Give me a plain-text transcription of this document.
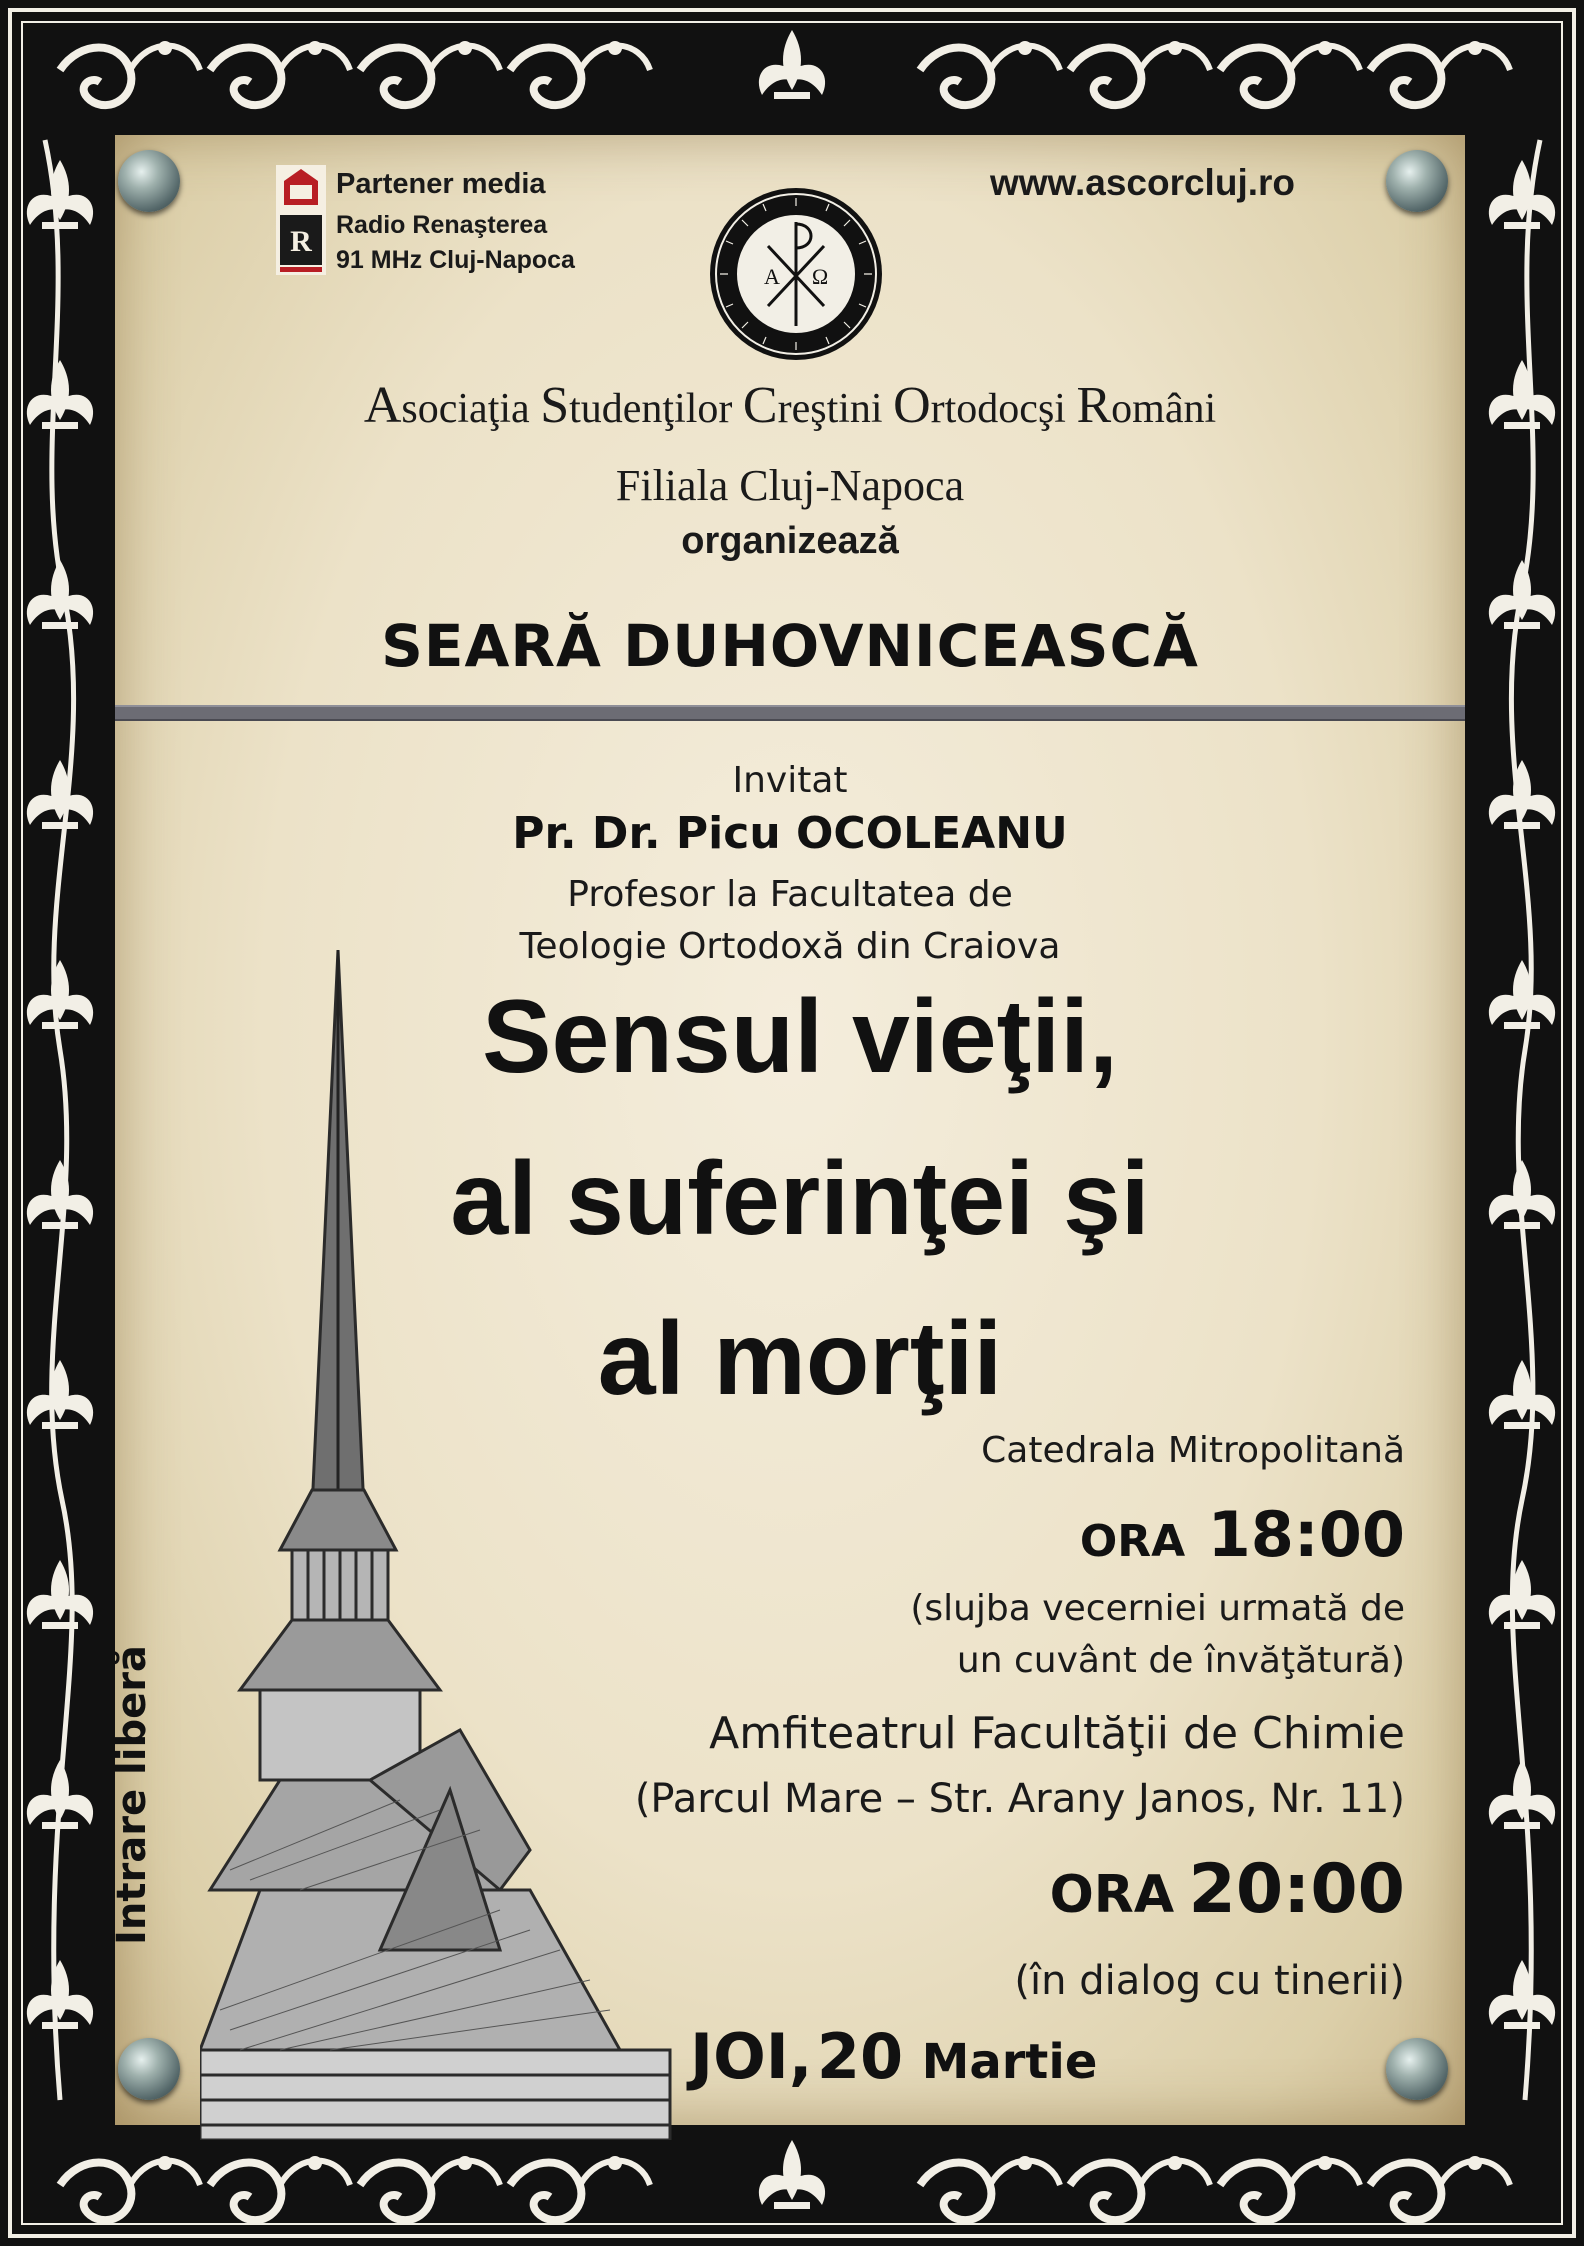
R
Partener media
Radio Renaşterea
91 MHz Cluj-Napoca
www.ascorcluj.ro
Α Ω
Asociaţia Studenţilor Creştini Ortodocşi Români
Filiala Cluj-Napoca
organizează
SEARĂ DUHOVNICEASCĂ
Invitat
Pr. Dr. Picu OCOLEANU
Profesor la Facultatea de
Teologie Ortodoxă din Craiova
Sensul vieţii,
al suferinţei şi
al morţii
Catedrala Mitropolitană
ORA 18:00
(slujba vecerniei urmată de
un cuvânt de învăţătură)
Amfiteatrul Facultăţii de Chimie
(Parcul Mare – Str. Arany Janos, Nr. 11)
ORA 20:00
(în dialog cu tinerii)
JOI, 20 Martie
Intrare liberă
